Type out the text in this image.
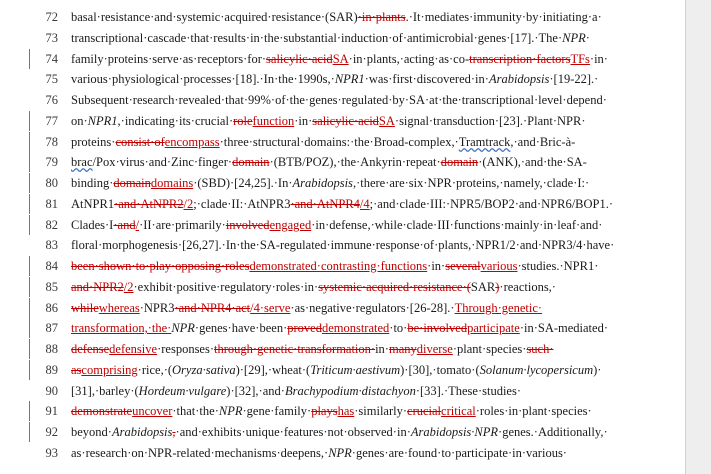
72 basal·resistance·and·systemic·acquired·resistance·(SAR)·in·plants.·It·mediates·immunity·by·initiating·a·
73 transcriptional·cascade·that·results·in·the·substantial·induction·of·antimicrobial·genes·[17].·The·NPR·
74 family·proteins·serve·as·receptors·for·salicylic·acidSA·in·plants,·acting·as·co-transcription·factorsTFs·in·
75 various·physiological·processes·[18].·In·the·1990s,·NPR1·was·first·discovered·in·Arabidopsis·[19-22].·
76 Subsequent·research·revealed·that·99%·of·the·genes·regulated·by·SA·at·the·transcriptional·level·depend·
77 on·NPR1,·indicating·its·crucial·rolefunction·in·salicylic·acidSA·signal·transduction·[23].·Plant·NPR·
78 proteins·consist·ofencompass·three·structural·domains:·the·Broad-complex,·Tramtrack,·and·Bric-à-
79 brac/Pox·virus·and·Zinc·finger·domain·(BTB/POZ),·the·Ankyrin·repeat·domain·(ANK),·and·the·SA-
80 binding·domaindomains·(SBD)·[24,25].·In·Arabidopsis,·there·are·six·NPR·proteins,·namely,·clade·I:·
81 AtNPR1·and·AtNPR2/2;·clade·II:·AtNPR3·and·AtNPR4/4;·and·clade·III:·NPR5/BOP2·and·NPR6/BOP1.·
82 Clades·I·and/·II·are·primarily·involvedengaged·in·defense,·while·clade·III·functions·mainly·in·leaf·and·
83 floral·morphogenesis·[26,27].·In·the·SA-regulated·immune·response·of·plants,·NPR1/2·and·NPR3/4·have·
84 been·shown·to·play·opposing·rolesdemonstrated·contrasting·functions·in·severalvarious·studies.·NPR1·
85 and·NPR2/2·exhibit·positive·regulatory·roles·in·systemic·acquired·resistance·(SAR)·reactions,·
86 whilewhereas·NPR3·and·NPR4·act/4·serve·as·negative·regulators·[26-28].·Through·genetic·
87 transformation,·the·NPR·genes·have·been·proveddemonstrated·to·be·involvedparticipate·in·SA-mediated·
88 defensedefensive·responses·through·genetic·transformation·in·manydiverse·plant·species·such·
89 ascomprising·rice,·(Oryza·sativa)·[29],·wheat·(Triticum·aestivum)·[30],·tomato·(Solanum·lycopersicum)·
90 [31],·barley·(Hordeum·vulgare)·[32],·and·Brachypodium·distachyon·[33].·These·studies·
91 demonstrateuncover·that·the·NPR·gene·family·playshas·similarly·crucialcritical·roles·in·plant·species·
92 beyond·Arabidopsis,·and·exhibits·unique·features·not·observed·in·Arabidopsis·NPR·genes.·Additionally,·
93 as·research·on·NPR-related·mechanisms·deepens,·NPR·genes·are·found·to·participate·in·various·
